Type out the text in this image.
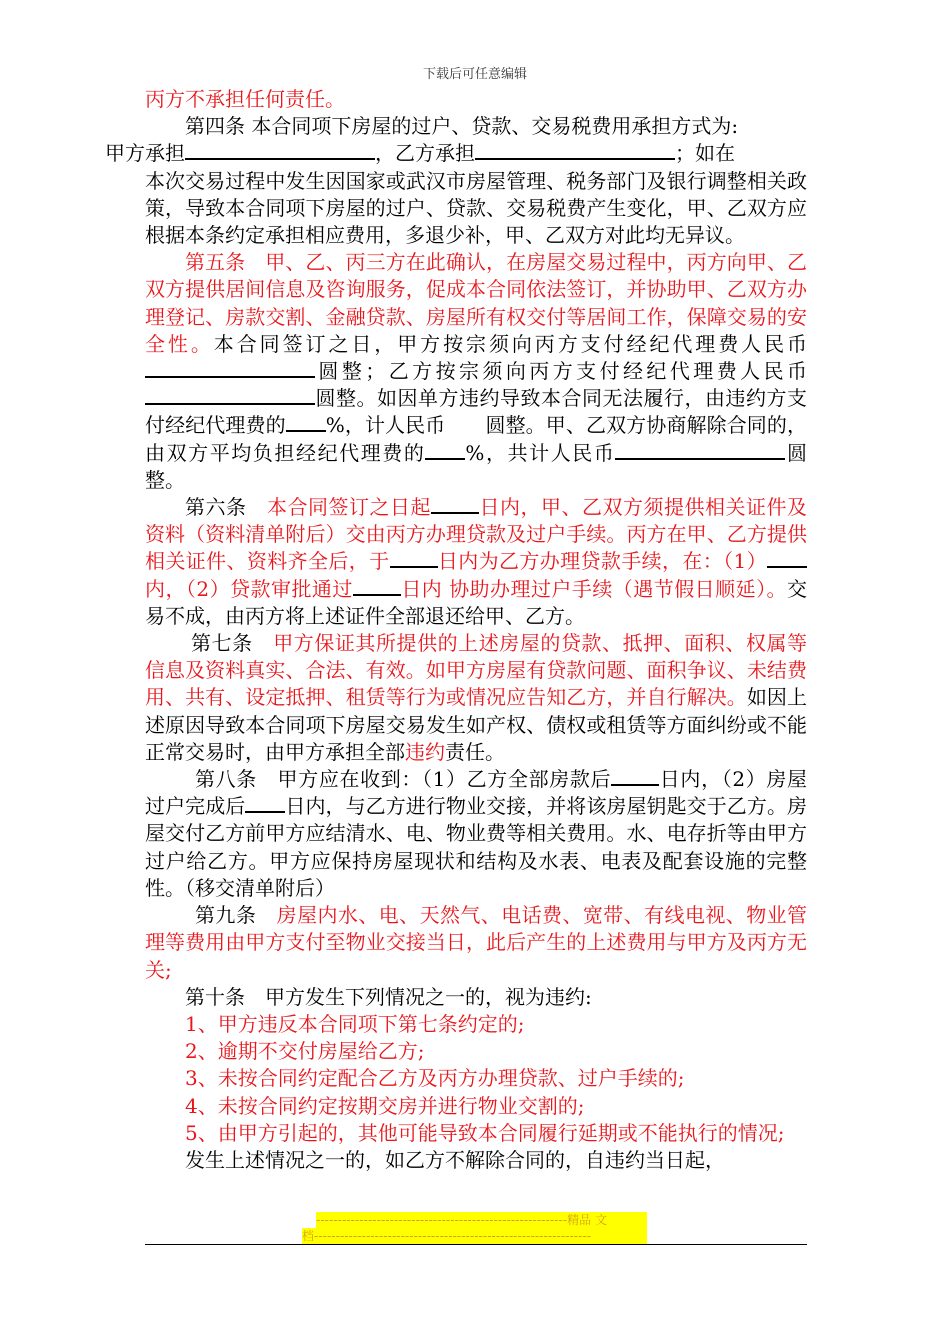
下载后可任意编辑

丙方不承担任何责任。

第四条 本合同项下房屋的过户、贷款、交易税费用承担方式为:
甲方承担	，乙方承担	；如在

本次交易过程中发生因国家或武汉市房屋管理、税务部门及银行调整相关政策，导致本合同项下房屋的过户、贷款、交易税费产生变化，甲、乙双方应根据本条约定承担相应费用，多退少补，甲、乙双方对此均无异议。

第五条　甲、乙、丙三方在此确认，在房屋交易过程中，丙方向甲、乙双方提供居间信息及咨询服务，促成本合同依法签订，并协助甲、乙双方办理登记、房款交割、金融贷款、房屋所有权交付等居间工作，保障交易的安全性。本合同签订之日，甲方按宗须向丙方支付经纪代理费人民币圆整；乙方按宗须向丙方支付经纪代理费人民币圆整。如因单方违约导致本合同无法履行，由违约方支付经纪代理费的 %，计人民币 圆整。甲、乙双方协商解除合同的，由双方平均负担经纪代理费的 %，共计人民币	圆整。

第六条　 本合同签订之日起 日内，甲、乙双方须提供相关证件及资料（资料清单附后）交由丙方办理贷款及过户手续。丙方在甲、乙方提供相关证件、资料齐全后，于 日内为乙方办理贷款手续，在：（1）内，（2）贷款审批通过 日内 协助办理过户手续（遇节假日顺延）。交易不成，由丙方将上述证件全部退还给甲、乙方。

第七条　 甲方保证其所提供的上述房屋的贷款、抵押、面积、权属等信息及资料真实、合法、有效。如甲方房屋有贷款问题、面积争议、未结费用、共有、设定抵押、租赁等行为或情况应告知乙方，并自行解决。如因上述原因导致本合同项下房屋交易发生如产权、债权或租赁等方面纠纷或不能正常交易时，由甲方承担全部违约责任。

第八条　甲方应在收到：（1）乙方全部房款后 日内，（2）房屋过户完成后 日内，与乙方进行物业交接，并将该房屋钥匙交于乙方。房屋交付乙方前甲方应结清水、电、物业费等相关费用。水、电存折等由甲方过户给乙方。甲方应保持房屋现状和结构及水表、电表及配套设施的完整性。（移交清单附后）

第九条　 房屋内水、电、天然气、电话费、宽带、有线电视、物业管理等费用由甲方支付至物业交接当日，此后产生的上述费用与甲方及丙方无关;

第十条　甲方发生下列情况之一的，视为违约:

1、甲方违反本合同项下第七条约定的;

2、逾期不交付房屋给乙方;

3、未按合同约定配合乙方及丙方办理贷款、过户手续的;

4、未按合同约定按期交房并进行物业交割的;

5、由甲方引起的，其他可能导致本合同履行延期或不能执行的情况;

发生上述情况之一的，如乙方不解除合同的，自违约当日起，

----------------------------------------------------------精品 文
档----------------------------------------------------------------
